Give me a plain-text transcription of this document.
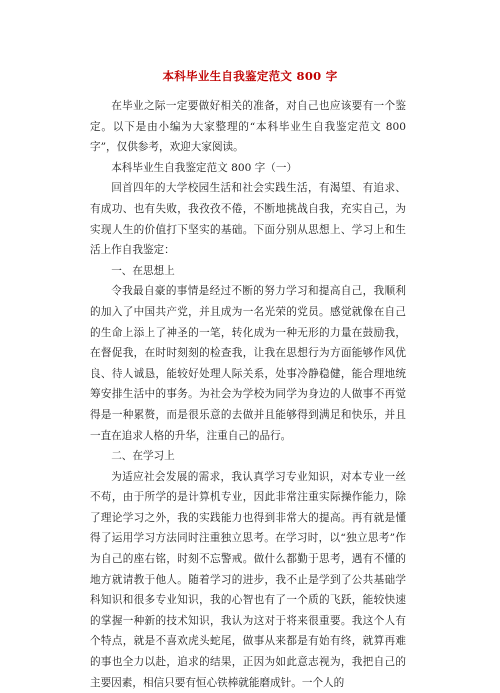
本科毕业生自我鉴定范文 800 字

在毕业之际一定要做好相关的准备，对自己也应该要有一个鉴定。以下是由小编为大家整理的“本科毕业生自我鉴定范文 800 字”，仅供参考，欢迎大家阅读。

本科毕业生自我鉴定范文 800 字（一）

回首四年的大学校园生活和社会实践生活，有渴望、有追求、有成功、也有失败，我孜孜不倦，不断地挑战自我，充实自己，为实现人生的价值打下坚实的基础。下面分别从思想上、学习上和生活上作自我鉴定：

一、在思想上

令我最自豪的事情是经过不断的努力学习和提高自己，我顺利的加入了中国共产党，并且成为一名光荣的党员。感觉就像在自己的生命上添上了神圣的一笔，转化成为一种无形的力量在鼓励我，在督促我，在时时刻刻的检查我，让我在思想行为方面能够作风优良、待人诚恳，能较好处理人际关系，处事冷静稳健，能合理地统筹安排生活中的事务。为社会为学校为同学为身边的人做事不再觉得是一种累赘，而是很乐意的去做并且能够得到满足和快乐，并且一直在追求人格的升华，注重自己的品行。

二、在学习上

为适应社会发展的需求，我认真学习专业知识，对本专业一丝不苟，由于所学的是计算机专业，因此非常注重实际操作能力，除了理论学习之外，我的实践能力也得到非常大的提高。再有就是懂得了运用学习方法同时注重独立思考。在学习时，以“独立思考”作为自己的座右铭，时刻不忘警戒。做什么都勤于思考，遇有不懂的地方就请教于他人。随着学习的进步，我不止是学到了公共基础学科知识和很多专业知识，我的心智也有了一个质的飞跃，能较快速的掌握一种新的技术知识，我认为这对于将来很重要。我这个人有个特点，就是不喜欢虎头蛇尾，做事从来都是有始有终，就算再难的事也全力以赴，追求的结果，正因为如此意志视为，我把自己的主要因素，相信只要有恒心铁棒就能磨成针。一个人的
